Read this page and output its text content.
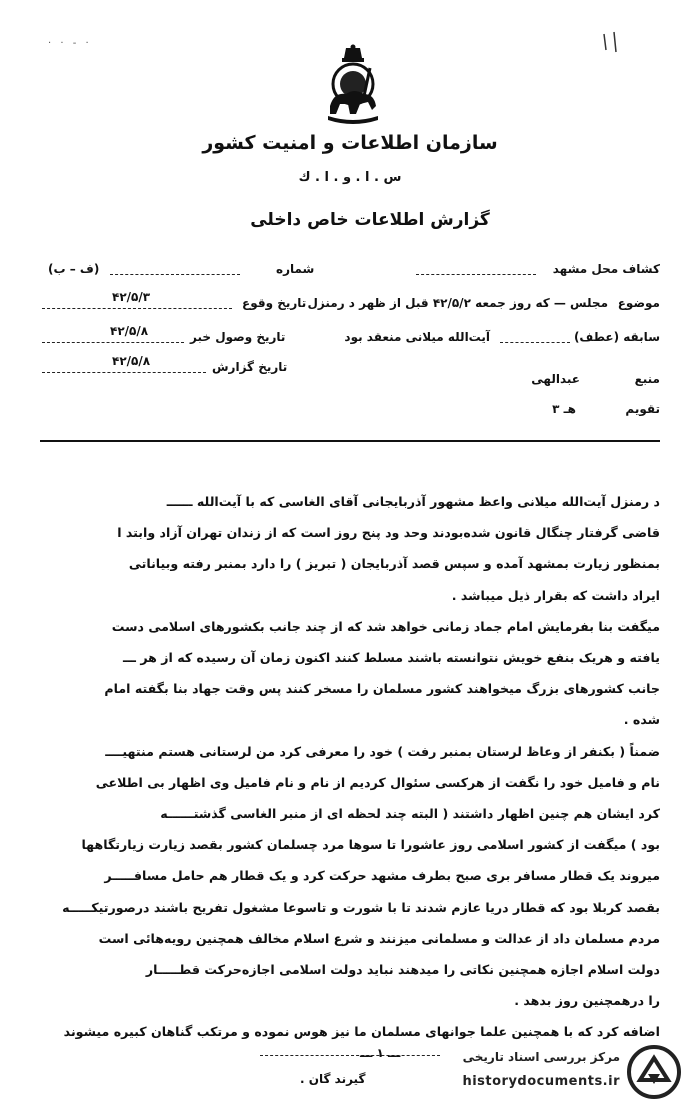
· · - ·
سازمان اطلاعات و امنیت کشور
س . ا . و . ا . ك
گزارش اطلاعات خاص داخلی
کشاف محل مشهد
شماره
(ف – ب)
موضوع
مجلس — که روز جمعه ۴۲/۵/۲ قبل از ظهر د رمنزل
تاریخ وقوع
۴۲/۵/۳
سابقه (عطف)
آیت‌الله میلانی منعقد بود
تاریخ وصول خبر
۴۲/۵/۸
تاریخ گزارش
۴۲/۵/۸
منبع
عبدالهی
تقویم
هـ ۳
د رمنزل آیت‌الله میلانی واعظ مشهور آذربایجانی آقای الغاسی که با آیت‌الله ــــــ
قاضی گرفتار چنگال قانون شد‌ه‌بودند وحد ود پنج روز است که از زندان تهران آزاد وابتد ا
بمنظور زیارت بمشهد آمده و سپس قصد آذربایجان ( تبریز ) را دارد بمنبر رفته وبیاناتی
ایراد داشت که بقرار ذیل میباشد .
میگفت بنا بفرمایش امام جماد زمانی خواهد شد که از چند جانب بکشورهای اسلامی دست
یافته و هریک بنفع خویش نتوانسته باشند مسلط کنند اکنون زمان آن رسیده که از هر ـــ
جانب کشورهای بزرگ میخواهند کشور مسلمان را مسخر کنند پس وقت جهاد بنا بگفته امام
شده .
ضمناً ( بکنفر از وعاظ لرستان بمنبر رفت ) خود را معرفی کرد من لرستانی هستم منتهیــــ
نام و فامیل خود را نگفت از هرکسی سئوال کردیم از نام و نام فامیل وی اظهار بی اطلاعی
کرد ایشان هم چنین اظهار داشتند ( البته چند لحظه ای از منبر الغاسی گذشتــــــه
بود ) میگفت از کشور اسلامی روز عاشورا تا سوها مرد چسلمان کشور بقصد زیارت زیارتگاهها
میروند یک قطار مسافر بری صبح بطرف مشهد حرکت کرد و یک قطار هم حامل مسافـــــر
بقصد کربلا بود که قطار دریا عازم شدند تا با شورت و تاسوعا مشغول تفریح باشند درصورتیکـــــه
مردم مسلمان داد از عدالت و مسلمانی میزنند و شرع اسلام مخالف همچنین رویه‌هائی است
دولت اسلام اجازه همچنین نکاتی را میدهند نباید دولت اسلامی اجازه‌حرکت قطـــــار
را درهمچنین روز بدهد .
اضافه کرد که با همچنین علما جوانهای مسلمان ما نیز هوس نموده و مرتکب گناهان کبیره میشوند
ـــ ۱ ـــ
گیرند‌ گان .
مرکز بررسی اسناد تاریخی
historydocuments.ir
